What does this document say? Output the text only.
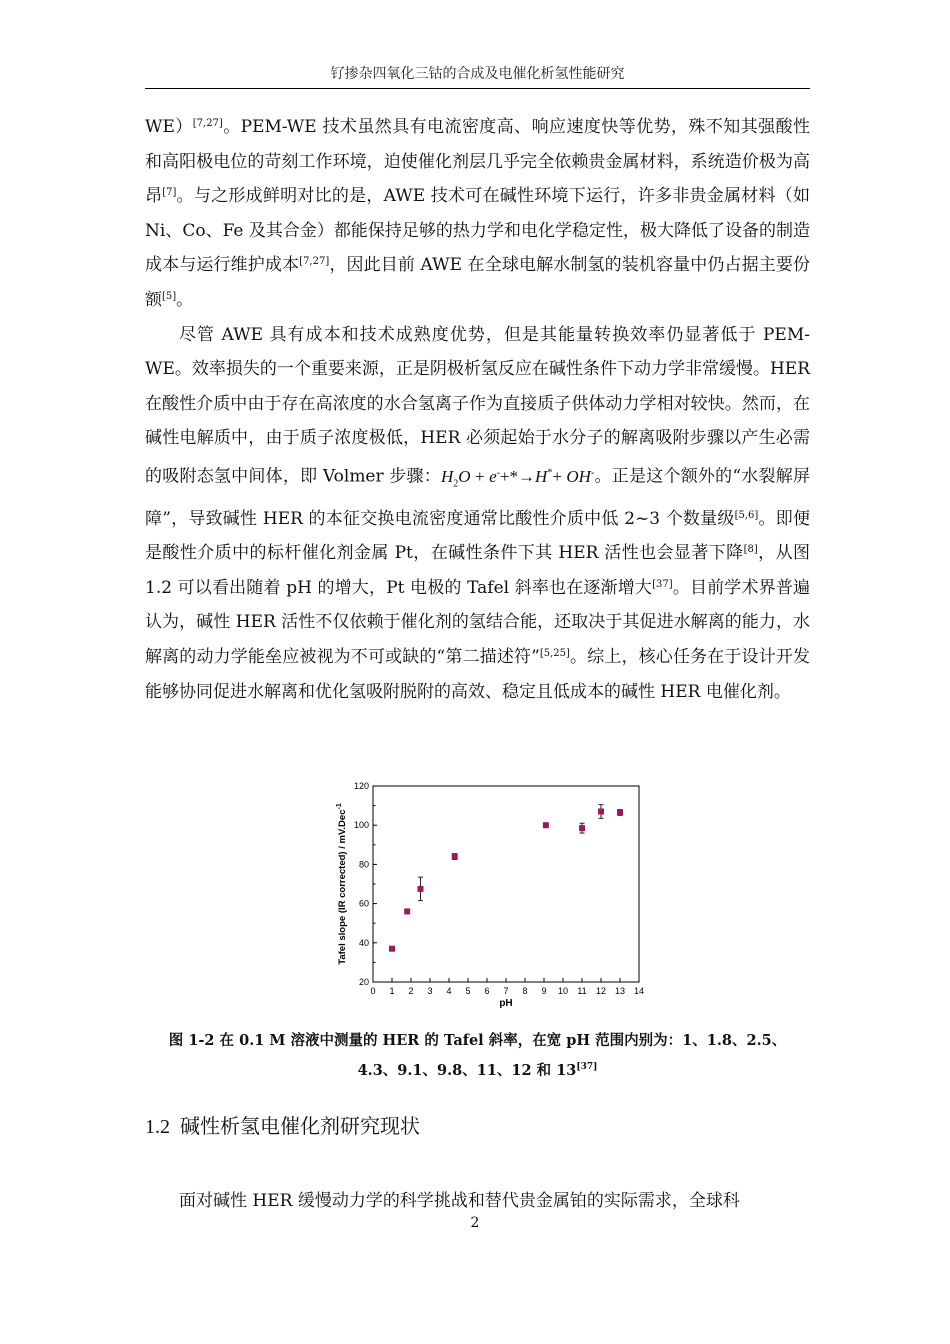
钌掺杂四氧化三钴的合成及电催化析氢性能研究

WE）[7,27]。PEM-WE 技术虽然具有电流密度高、响应速度快等优势，殊不知其强酸性和高阳极电位的苛刻工作环境，迫使催化剂层几乎完全依赖贵金属材料，系统造价极为高昂[7]。与之形成鲜明对比的是，AWE 技术可在碱性环境下运行，许多非贵金属材料（如 Ni、Co、Fe 及其合金）都能保持足够的热力学和电化学稳定性，极大降低了设备的制造成本与运行维护成本[7,27]，因此目前 AWE 在全球电解水制氢的装机容量中仍占据主要份额[5]。

尽管 AWE 具有成本和技术成熟度优势，但是其能量转换效率仍显著低于 PEM-WE。效率损失的一个重要来源，正是阴极析氢反应在碱性条件下动力学非常缓慢。HER 在酸性介质中由于存在高浓度的水合氢离子作为直接质子供体动力学相对较快。然而，在碱性电解质中，由于质子浓度极低，HER 必须起始于水分子的解离吸附步骤以产生必需的吸附态氢中间体，即 Volmer 步骤：$H_2O + e^-+*\to H^*+ OH^-$。正是这个额外的“水裂解屏障”，导致碱性 HER 的本征交换电流密度通常比酸性介质中低 2~3 个数量级[5,6]。即便是酸性介质中的标杆催化剂金属 Pt，在碱性条件下其 HER 活性也会显著下降[8]，从图 1.2 可以看出随着 pH 的增大，Pt 电极的 Tafel 斜率也在逐渐增大[37]。目前学术界普遍认为，碱性 HER 活性不仅依赖于催化剂的氢结合能，还取决于其促进水解离的能力，水解离的动力学能垒应被视为不可或缺的“第二描述符”[5,25]。综上，核心任务在于设计开发能够协同促进水解离和优化氢吸附脱附的高效、稳定且低成本的碱性 HER 电催化剂。

0 1 2 3 4 5 6 7 8 9 10 11 12 13 14
20
40
60
80
100
120
pH
Tafel slope (IR corrected) / mV.Dec$^{-1}$
图 1-2 在 0.1 M 溶液中测量的 HER 的 Tafel 斜率，在宽 pH 范围内别为：1、1.8、2.5、
4.3、9.1、9.8、11、12 和 13[37]
1.2 碱性析氢电催化剂研究现状

面对碱性 HER 缓慢动力学的科学挑战和替代贵金属铂的实际需求，全球科

2
